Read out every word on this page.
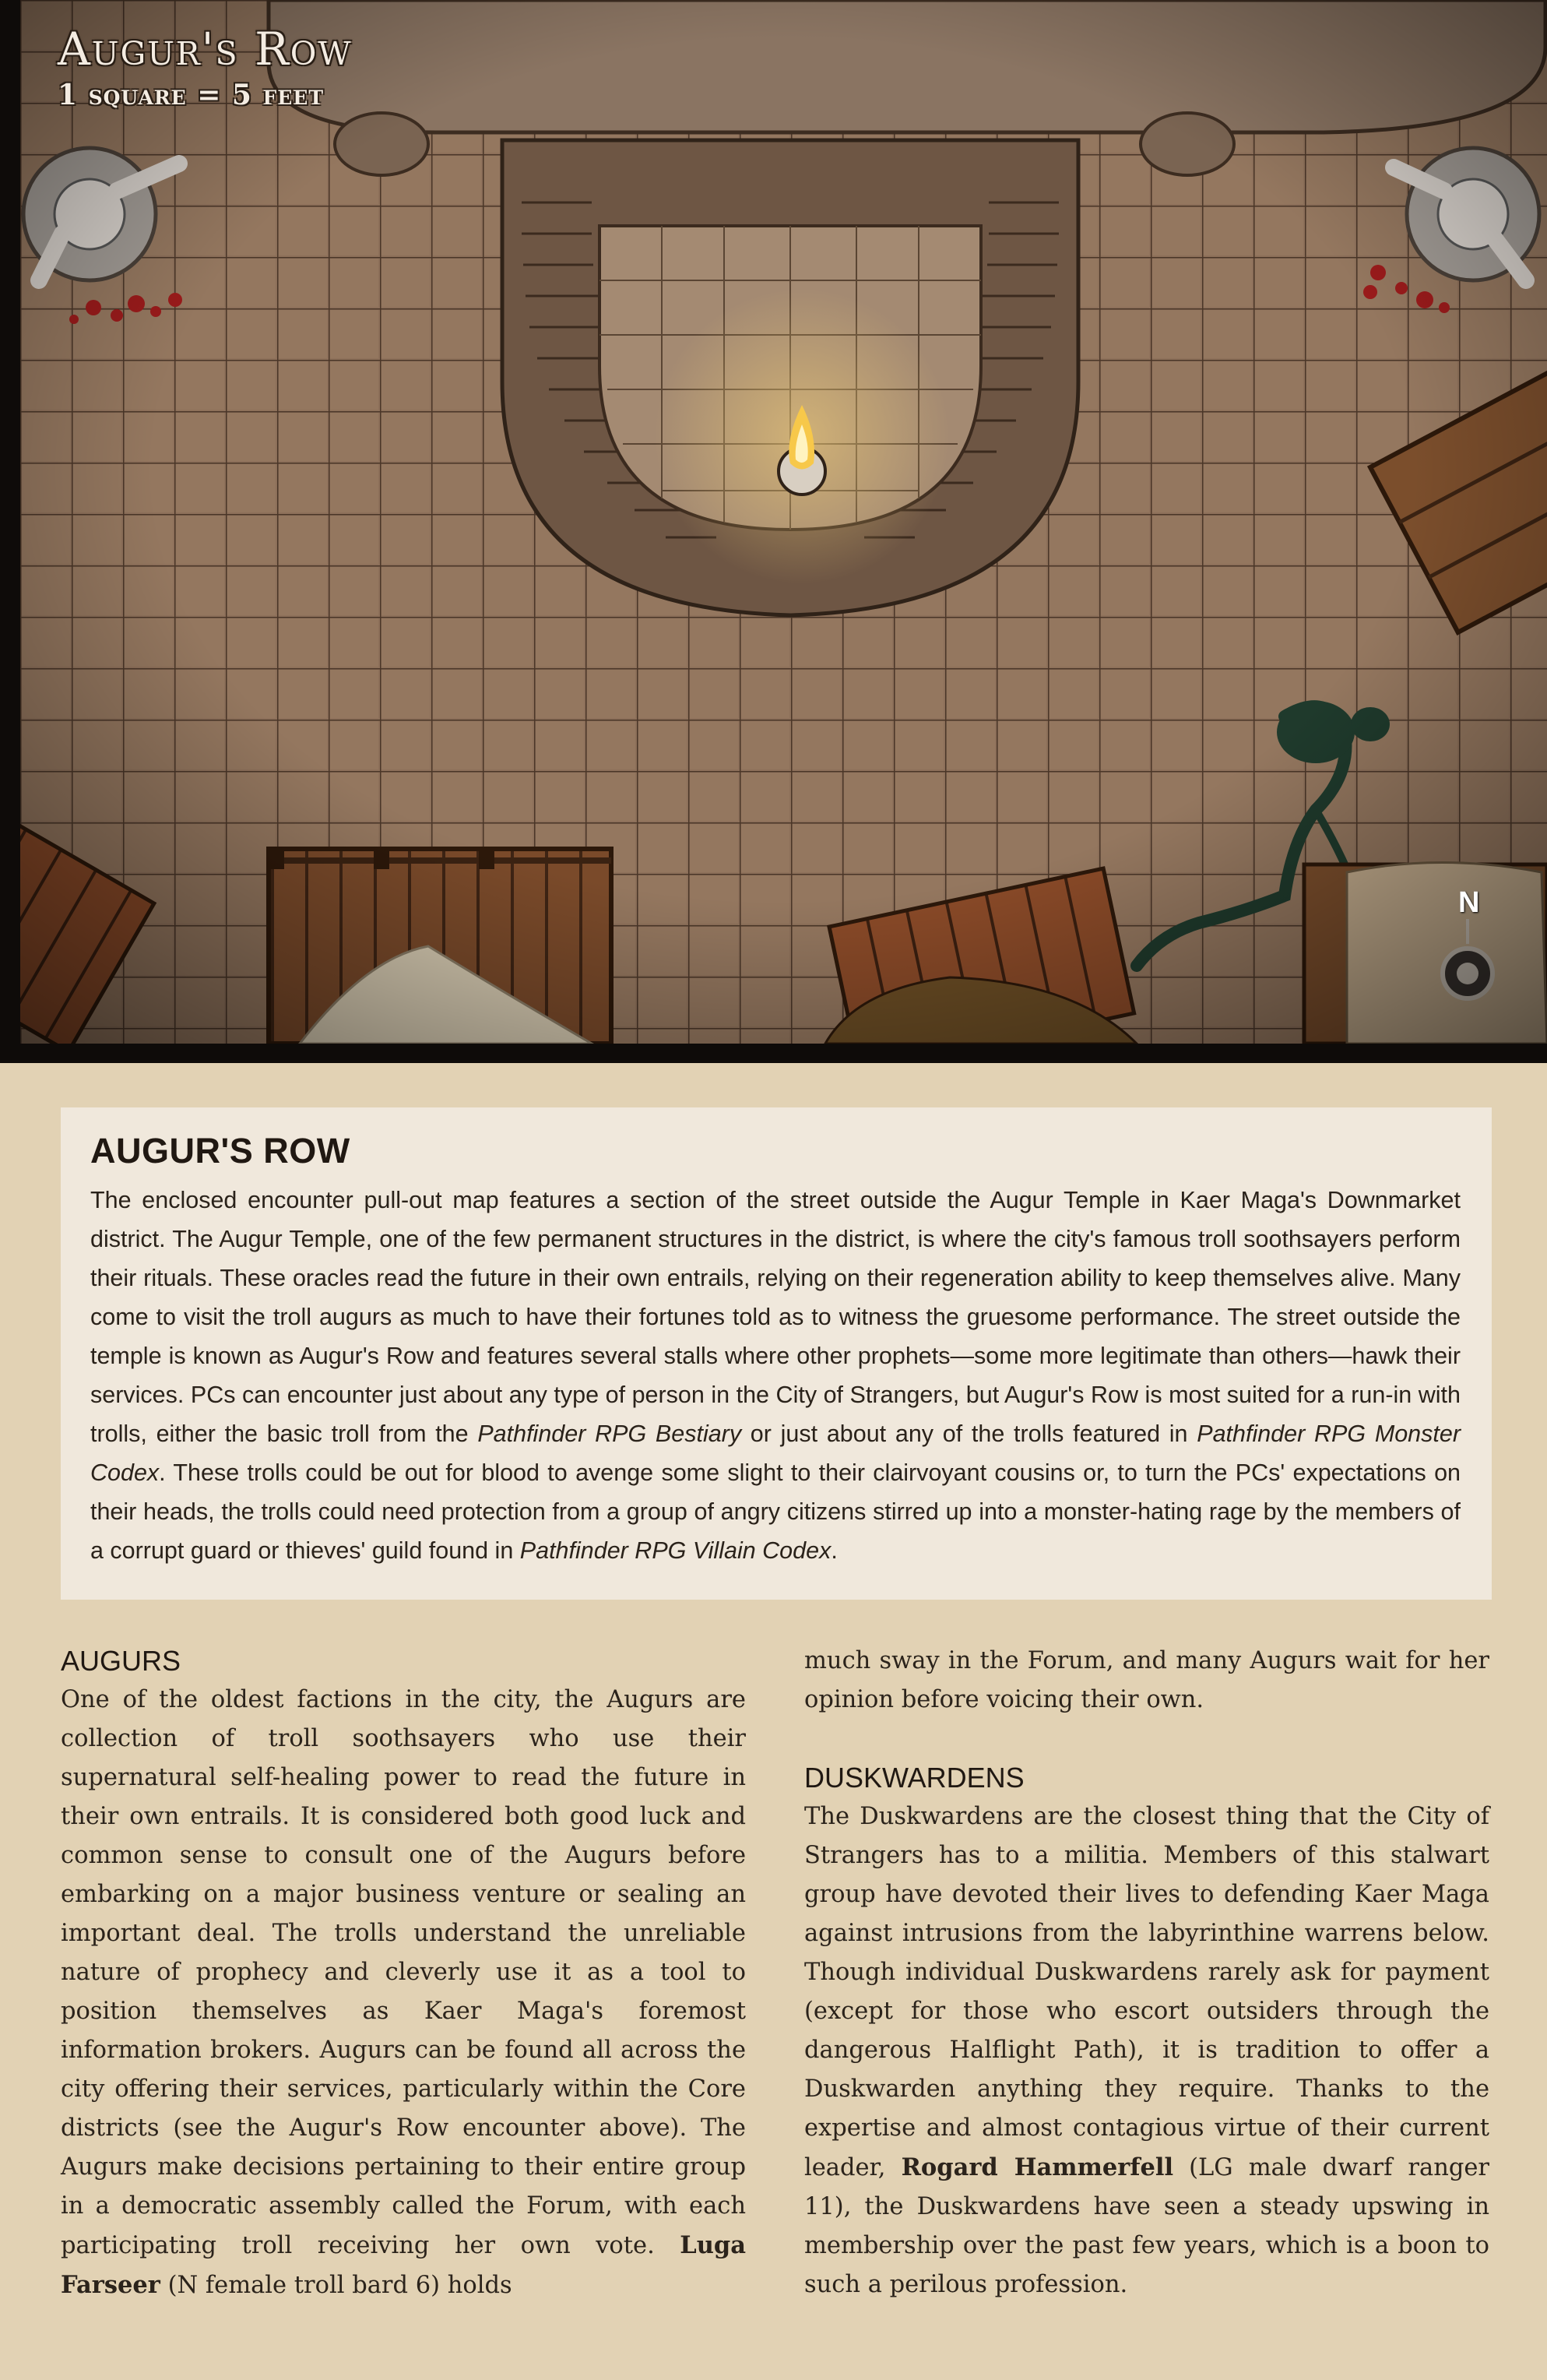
Augur's Row
1 square = 5 feet
N
AUGUR'S ROW

The enclosed encounter pull-out map features a section of the street outside the Augur Temple in Kaer Maga's Downmarket district. The Augur Temple, one of the few permanent structures in the district, is where the city's famous troll soothsayers perform their rituals. These oracles read the future in their own entrails, relying on their regeneration ability to keep themselves alive. Many come to visit the troll augurs as much to have their fortunes told as to witness the gruesome performance. The street outside the temple is known as Augur's Row and features several stalls where other prophets—some more legitimate than others—hawk their services. PCs can encounter just about any type of person in the City of Strangers, but Augur's Row is most suited for a run-in with trolls, either the basic troll from the Pathfinder RPG Bestiary or just about any of the trolls featured in Pathfinder RPG Monster Codex. These trolls could be out for blood to avenge some slight to their clairvoyant cousins or, to turn the PCs' expectations on their heads, the trolls could need protection from a group of angry citizens stirred up into a monster-hating rage by the members of a corrupt guard or thieves' guild found in Pathfinder RPG Villain Codex.

AUGURS

One of the oldest factions in the city, the Augurs are collection of troll soothsayers who use their supernatural self-healing power to read the future in their own entrails. It is considered both good luck and common sense to consult one of the Augurs before embarking on a major business venture or sealing an important deal. The trolls understand the unreliable nature of prophecy and cleverly use it as a tool to position themselves as Kaer Maga's foremost information brokers. Augurs can be found all across the city offering their services, particularly within the Core districts (see the Augur's Row encounter above). The Augurs make decisions pertaining to their entire group in a democratic assembly called the Forum, with each participating troll receiving her own vote. Luga Farseer (N female troll bard 6) holds

much sway in the Forum, and many Augurs wait for her opinion before voicing their own.

DUSKWARDENS

The Duskwardens are the closest thing that the City of Strangers has to a militia. Members of this stalwart group have devoted their lives to defending Kaer Maga against intrusions from the labyrinthine warrens below. Though individual Duskwardens rarely ask for payment (except for those who escort outsiders through the dangerous Halflight Path), it is tradition to offer a Duskwarden anything they require. Thanks to the expertise and almost contagious virtue of their current leader, Rogard Hammerfell (LG male dwarf ranger 11), the Duskwardens have seen a steady upswing in membership over the past few years, which is a boon to such a perilous profession.
